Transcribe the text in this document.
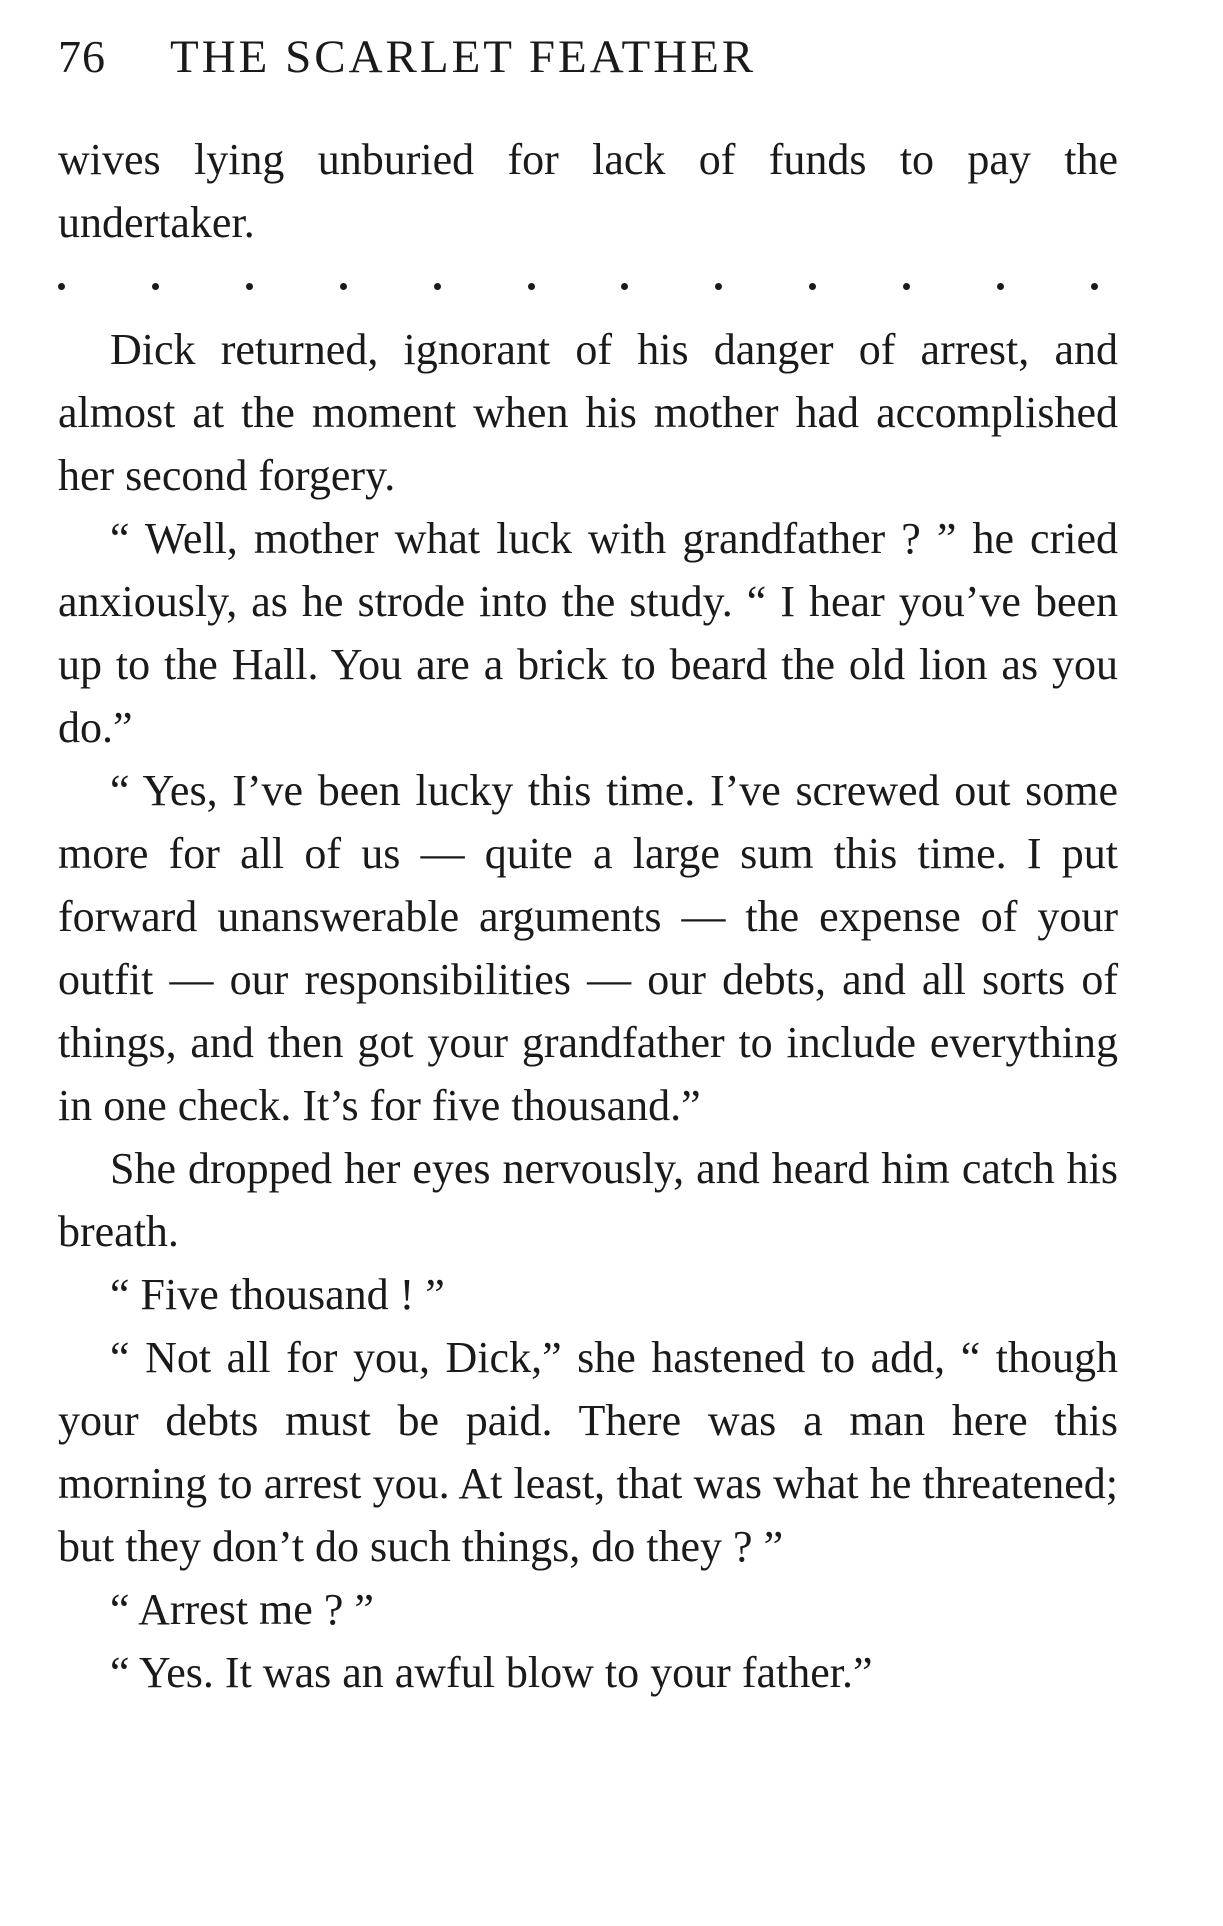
76	THE SCARLET FEATHER

wives lying unburied for lack of funds to pay the undertaker.

Dick returned, ignorant of his danger of arrest, and almost at the moment when his mother had accomplished her second forgery.

“ Well, mother what luck with grandfather ? ” he cried anxiously, as he strode into the study. “ I hear you’ve been up to the Hall. You are a brick to beard the old lion as you do.”

“ Yes, I’ve been lucky this time. I’ve screwed out some more for all of us — quite a large sum this time. I put forward unanswerable arguments — the expense of your outfit — our responsibilities — our debts, and all sorts of things, and then got your grandfather to include everything in one check. It’s for five thousand.”

She dropped her eyes nervously, and heard him catch his breath.

“ Five thousand ! ”

“ Not all for you, Dick,” she hastened to add, “ though your debts must be paid. There was a man here this morning to arrest you. At least, that was what he threatened; but they don’t do such things, do they ? ”

“ Arrest me ? ”

“ Yes. It was an awful blow to your father.”
